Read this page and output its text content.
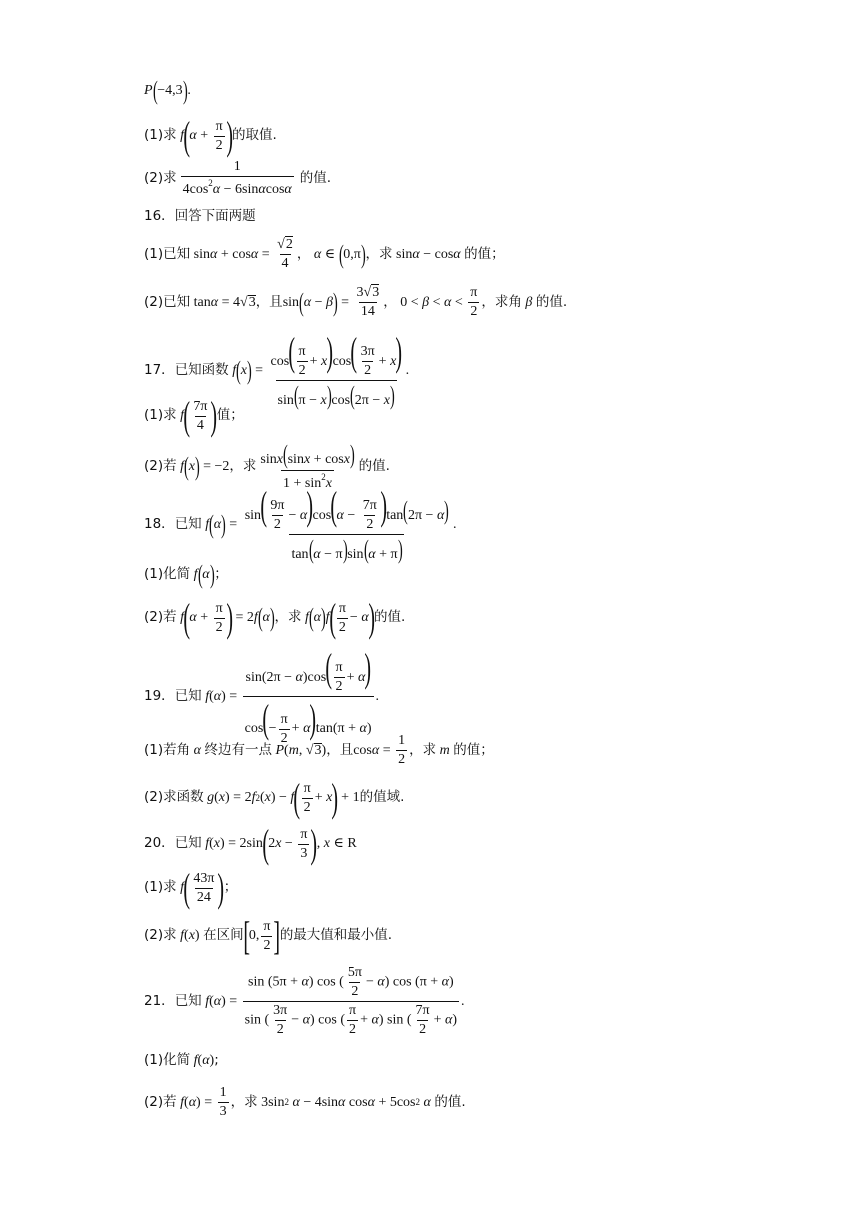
P ( −4,3 ) .
(1)求 f ( $\alpha + \frac{\pi}{2}$ ) 的取值.
(2)求 $\frac{1}{4\cos^2\alpha - 6\sin\alpha\cos\alpha}$ 的值.
16． 回答下面两题
(1)已知 $\sin \alpha + \cos \alpha = \frac{√2}{4}$ ，
α ∈ ( 0,π ) ，求 sin α − cos α
的值；
(2)已知 tan α = 4√ 3 ，且 sin ( α − β ) = $\frac{3√3}{14}$ ， $0 < \beta < \alpha < \frac{\pi}{2}$ ，求角 β 的值.
17． 已知函数 f ( x ) = $\frac{\cos( \frac{\pi}{2} + x)\cos( \frac{3\pi}{2} + x)}{\sin(\pi - x)\cos(2\pi - x)}$ .
(1)求 f ( $\frac{7\pi}{4}$ ) 值；
(2)若 f ( x ) = −2 ，求 $\frac{\sin x(\sin x + \cos x)}{1 + \sin^2x}$ 的值.
18． 已知 f ( α ) = $\frac{\sin( \frac{9\pi}{2} - \alpha)\cos(\alpha - \frac{7\pi}{2} )\tan(2\pi - \alpha)}{\tan(\alpha - \pi)\sin(\alpha + \pi)}$ .
(1)化简 f ( α ) ；
(2)若 f ( $\alpha + \frac{\pi}{2}$ ) = 2 f ( α ) ，求 f ( α ) f ( $\frac{\pi}{2} - \alpha$ ) 的值.
19． 已知 f ( α ) = $\frac{\sin(2\pi - \alpha)\cos( \frac{\pi}{2} + \alpha)}{\cos(- \frac{\pi}{2} + \alpha)\tan(\pi + \alpha)}$ .
(1)若角 α 终边有一点 P ( m , √ 3 ) ，且 $\cos \alpha = \frac{1}{2}$ ，求 m 的值；
(2)求函数 g ( x ) = 2 f 2 ( x ) − f ( $\frac{\pi}{2} + x$ ) + 1 的值域.
20． 已知 f ( x ) = 2sin ( 2 $x - \frac{\pi}{3}$ ) , x ∈ R
(1)求 f ( $\frac{43\pi}{24}$ ) ；
(2)求 f ( x ) 在区间 [ 0, $\frac{\pi}{2}$ ] 的最大值和最小值.
21． 已知 f ( α ) = $\frac{\sin (5\pi + \alpha) \cos ( \frac{5\pi}{2} - \alpha) \cos (\pi + \alpha)}{\sin ( \frac{3\pi}{2} - \alpha) \cos ( \frac{\pi}{2} + \alpha) \sin ( \frac{7\pi}{2} + \alpha)}$ .
(1)化简 f ( α ) ;
(2)若 f ( α ) = $\frac{1}{3}$ ，求 3sin 2
α − 4sin α cos α + 5cos 2
α
的值.
